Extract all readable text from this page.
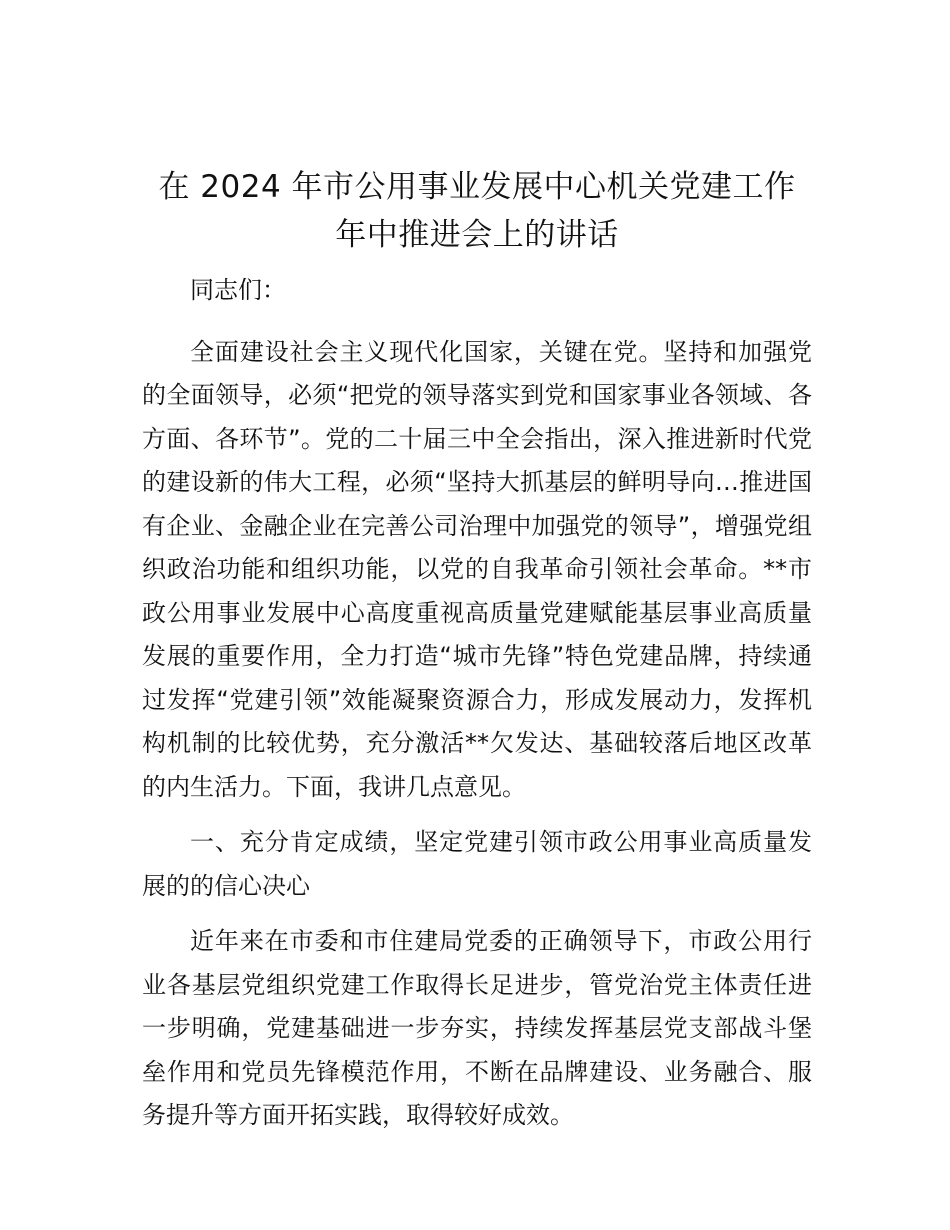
在 2024 年市公用事业发展中心机关党建工作
年中推进会上的讲话

同志们：

全面建设社会主义现代化国家，关键在党。坚持和加强党的全面领导，必须“把党的领导落实到党和国家事业各领域、各方面、各环节”。党的二十届三中全会指出，深入推进新时代党的建设新的伟大工程，必须“坚持大抓基层的鲜明导向…推进国有企业、金融企业在完善公司治理中加强党的领导”，增强党组织政治功能和组织功能，以党的自我革命引领社会革命。**市政公用事业发展中心高度重视高质量党建赋能基层事业高质量发展的重要作用，全力打造“城市先锋”特色党建品牌，持续通过发挥“党建引领”效能凝聚资源合力，形成发展动力，发挥机构机制的比较优势，充分激活**欠发达、基础较落后地区改革的内生活力。下面，我讲几点意见。

一、充分肯定成绩，坚定党建引领市政公用事业高质量发展的的信心决心

近年来在市委和市住建局党委的正确领导下，市政公用行业各基层党组织党建工作取得长足进步，管党治党主体责任进一步明确，党建基础进一步夯实，持续发挥基层党支部战斗堡垒作用和党员先锋模范作用，不断在品牌建设、业务融合、服务提升等方面开拓实践，取得较好成效。
